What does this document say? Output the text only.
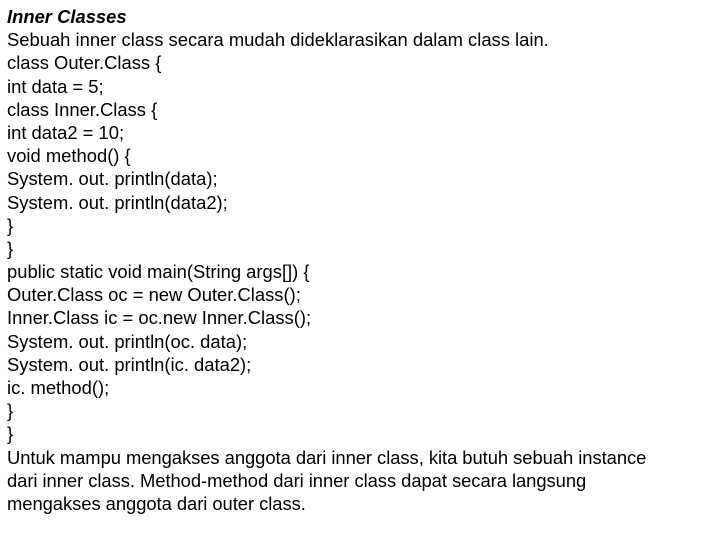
Inner Classes
Sebuah inner class secara mudah dideklarasikan dalam class lain.
class Outer.Class {
int data = 5;
class Inner.Class {
int data2 = 10;
void method() {
System. out. println(data);
System. out. println(data2);
}
}
public static void main(String args[]) {
Outer.Class oc = new Outer.Class();
Inner.Class ic = oc.new Inner.Class();
System. out. println(oc. data);
System. out. println(ic. data2);
ic. method();
}
}
Untuk mampu mengakses anggota dari inner class, kita butuh sebuah instance
dari inner class. Method-method dari inner class dapat secara langsung
mengakses anggota dari outer class.
